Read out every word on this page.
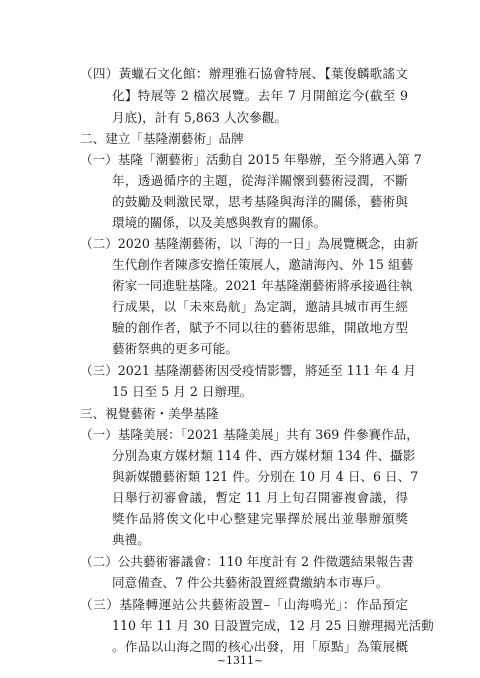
（四）黃蠟石文化館：辦理雅石協會特展、【葉俊麟歌謠文
化】特展等 2 檔次展覽。去年 7 月開館迄今(截至 9
月底)，計有 5,863 人次參觀。
二、建立「基隆潮藝術」品牌
（一）基隆「潮藝術」活動自 2015 年舉辦，至今將邁入第 7
年，透過循序的主題，從海洋關懷到藝術浸潤，不斷
的鼓勵及刺激民眾，思考基隆與海洋的關係，藝術與
環境的關係，以及美感與教育的關係。
（二）2020 基隆潮藝術，以「海的一日」為展覽概念，由新
生代創作者陳彥安擔任策展人，邀請海內、外 15 組藝
術家一同進駐基隆。2021 年基隆潮藝術將承接過往執
行成果，以「未來島航」為定調，邀請具城市再生經
驗的創作者，賦予不同以往的藝術思維，開啟地方型
藝術祭典的更多可能。
（三）2021 基隆潮藝術因受疫情影響，將延至 111 年 4 月
15 日至 5 月 2 日辦理。
三、視覺藝術・美學基隆
（一）基隆美展：「2021 基隆美展」共有 369 件參賽作品，
分別為東方媒材類 114 件、西方媒材類 134 件、攝影
與新媒體藝術類 121 件。分別在 10 月 4 日、6 日、7
日舉行初審會議，暫定 11 月上旬召開審複會議，得
獎作品將俟文化中心整建完畢擇於展出並舉辦頒獎
典禮。
（二）公共藝術審議會：110 年度計有 2 件徵選結果報告書
同意備查、7 件公共藝術設置經費繳納本市專戶。
（三）基隆轉運站公共藝術設置–「山海鳴光」：作品預定
110 年 11 月 30 日設置完成，12 月 25 日辦理揭光活動
。作品以山海之間的核心出發，用「原點」為策展概
~1311~
